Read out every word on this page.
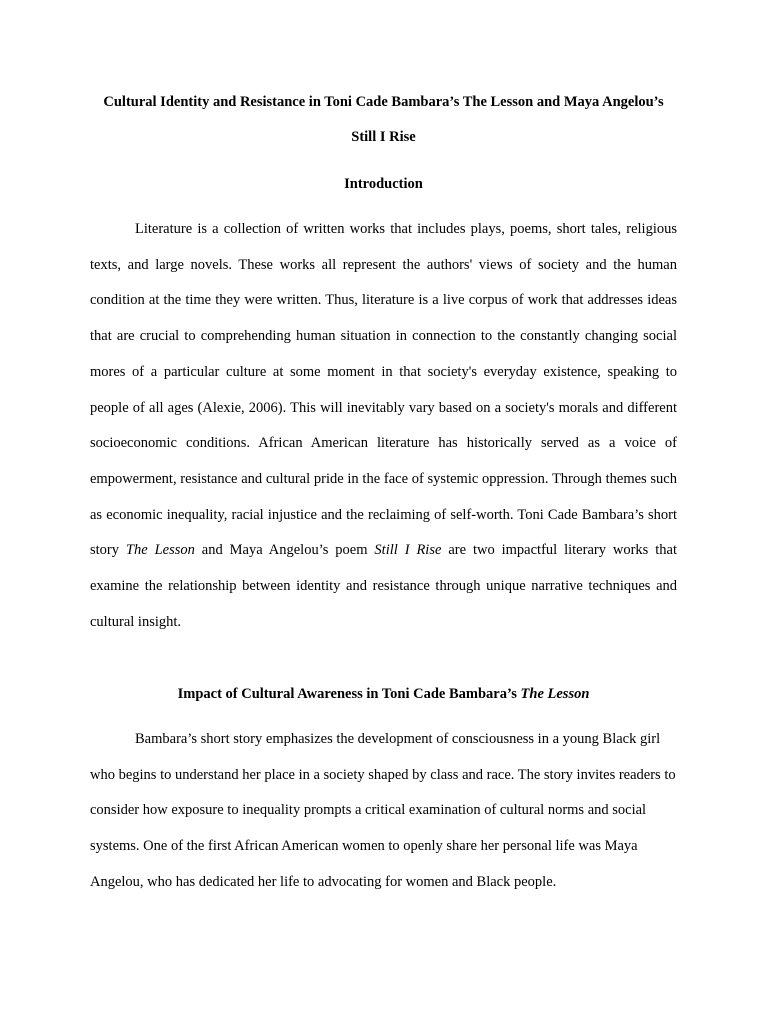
Cultural Identity and Resistance in Toni Cade Bambara’s The Lesson and Maya Angelou’s
Still I Rise
Introduction

Literature is a collection of written works that includes plays, poems, short tales, religious texts, and large novels. These works all represent the authors' views of society and the human condition at the time they were written. Thus, literature is a live corpus of work that addresses ideas that are crucial to comprehending human situation in connection to the constantly changing social mores of a particular culture at some moment in that society's everyday existence, speaking to people of all ages (Alexie, 2006). This will inevitably vary based on a society's morals and different socioeconomic conditions. African American literature has historically served as a voice of empowerment, resistance and cultural pride in the face of systemic oppression. Through themes such as economic inequality, racial injustice and the reclaiming of self-worth. Toni Cade Bambara’s short story The Lesson and Maya Angelou’s poem Still I Rise are two impactful literary works that examine the relationship between identity and resistance through unique narrative techniques and cultural insight.

Impact of Cultural Awareness in Toni Cade Bambara’s The Lesson

Bambara’s short story emphasizes the development of consciousness in a young Black girl who begins to understand her place in a society shaped by class and race. The story invites readers to consider how exposure to inequality prompts a critical examination of cultural norms and social systems. One of the first African American women to openly share her personal life was Maya Angelou, who has dedicated her life to advocating for women and Black people.
